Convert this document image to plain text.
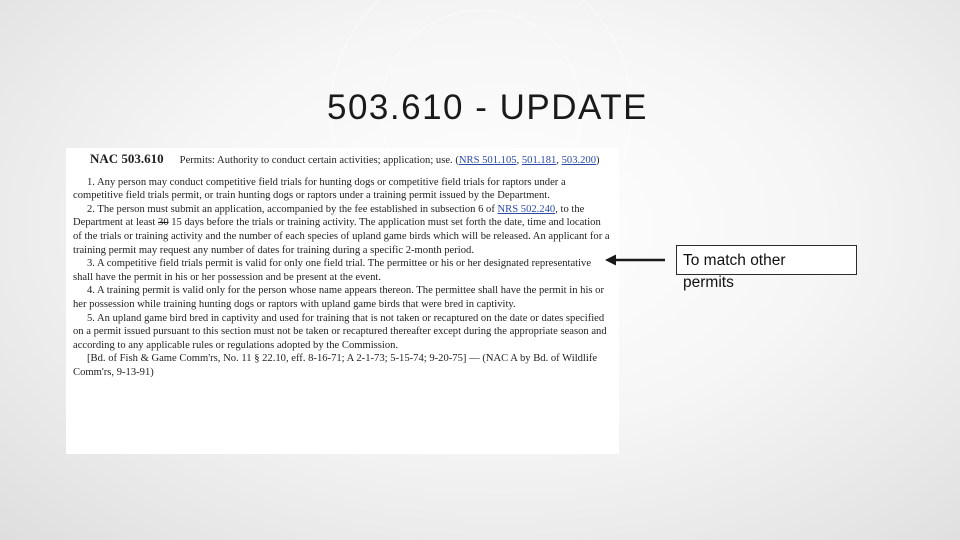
503.610 - UPDATE

NAC 503.610 Permits: Authority to conduct certain activities; application; use. (NRS 501.105, 501.181, 503.200)

1. Any person may conduct competitive field trials for hunting dogs or competitive field trials for raptors under a competitive field trials permit, or train hunting dogs or raptors under a training permit issued by the Department.

2. The person must submit an application, accompanied by the fee established in subsection 6 of NRS 502.240, to the Department at least 30 15 days before the trials or training activity. The application must set forth the date, time and location of the trials or training activity and the number of each species of upland game birds which will be released. An applicant for a training permit may request any number of dates for training during a specific 2-month period.

3. A competitive field trials permit is valid for only one field trial. The permittee or his or her designated representative shall have the permit in his or her possession and be present at the event.

4. A training permit is valid only for the person whose name appears thereon. The permittee shall have the permit in his or her possession while training hunting dogs or raptors with upland game birds that were bred in captivity.

5. An upland game bird bred in captivity and used for training that is not taken or recaptured on the date or dates specified on a permit issued pursuant to this section must not be taken or recaptured thereafter except during the appropriate season and according to any applicable rules or regulations adopted by the Commission.

[Bd. of Fish & Game Comm'rs, No. 11 § 22.10, eff. 8-16-71; A 2-1-73; 5-15-74; 9-20-75] — (NAC A by Bd. of Wildlife Comm'rs, 9-13-91)

To match other permits
